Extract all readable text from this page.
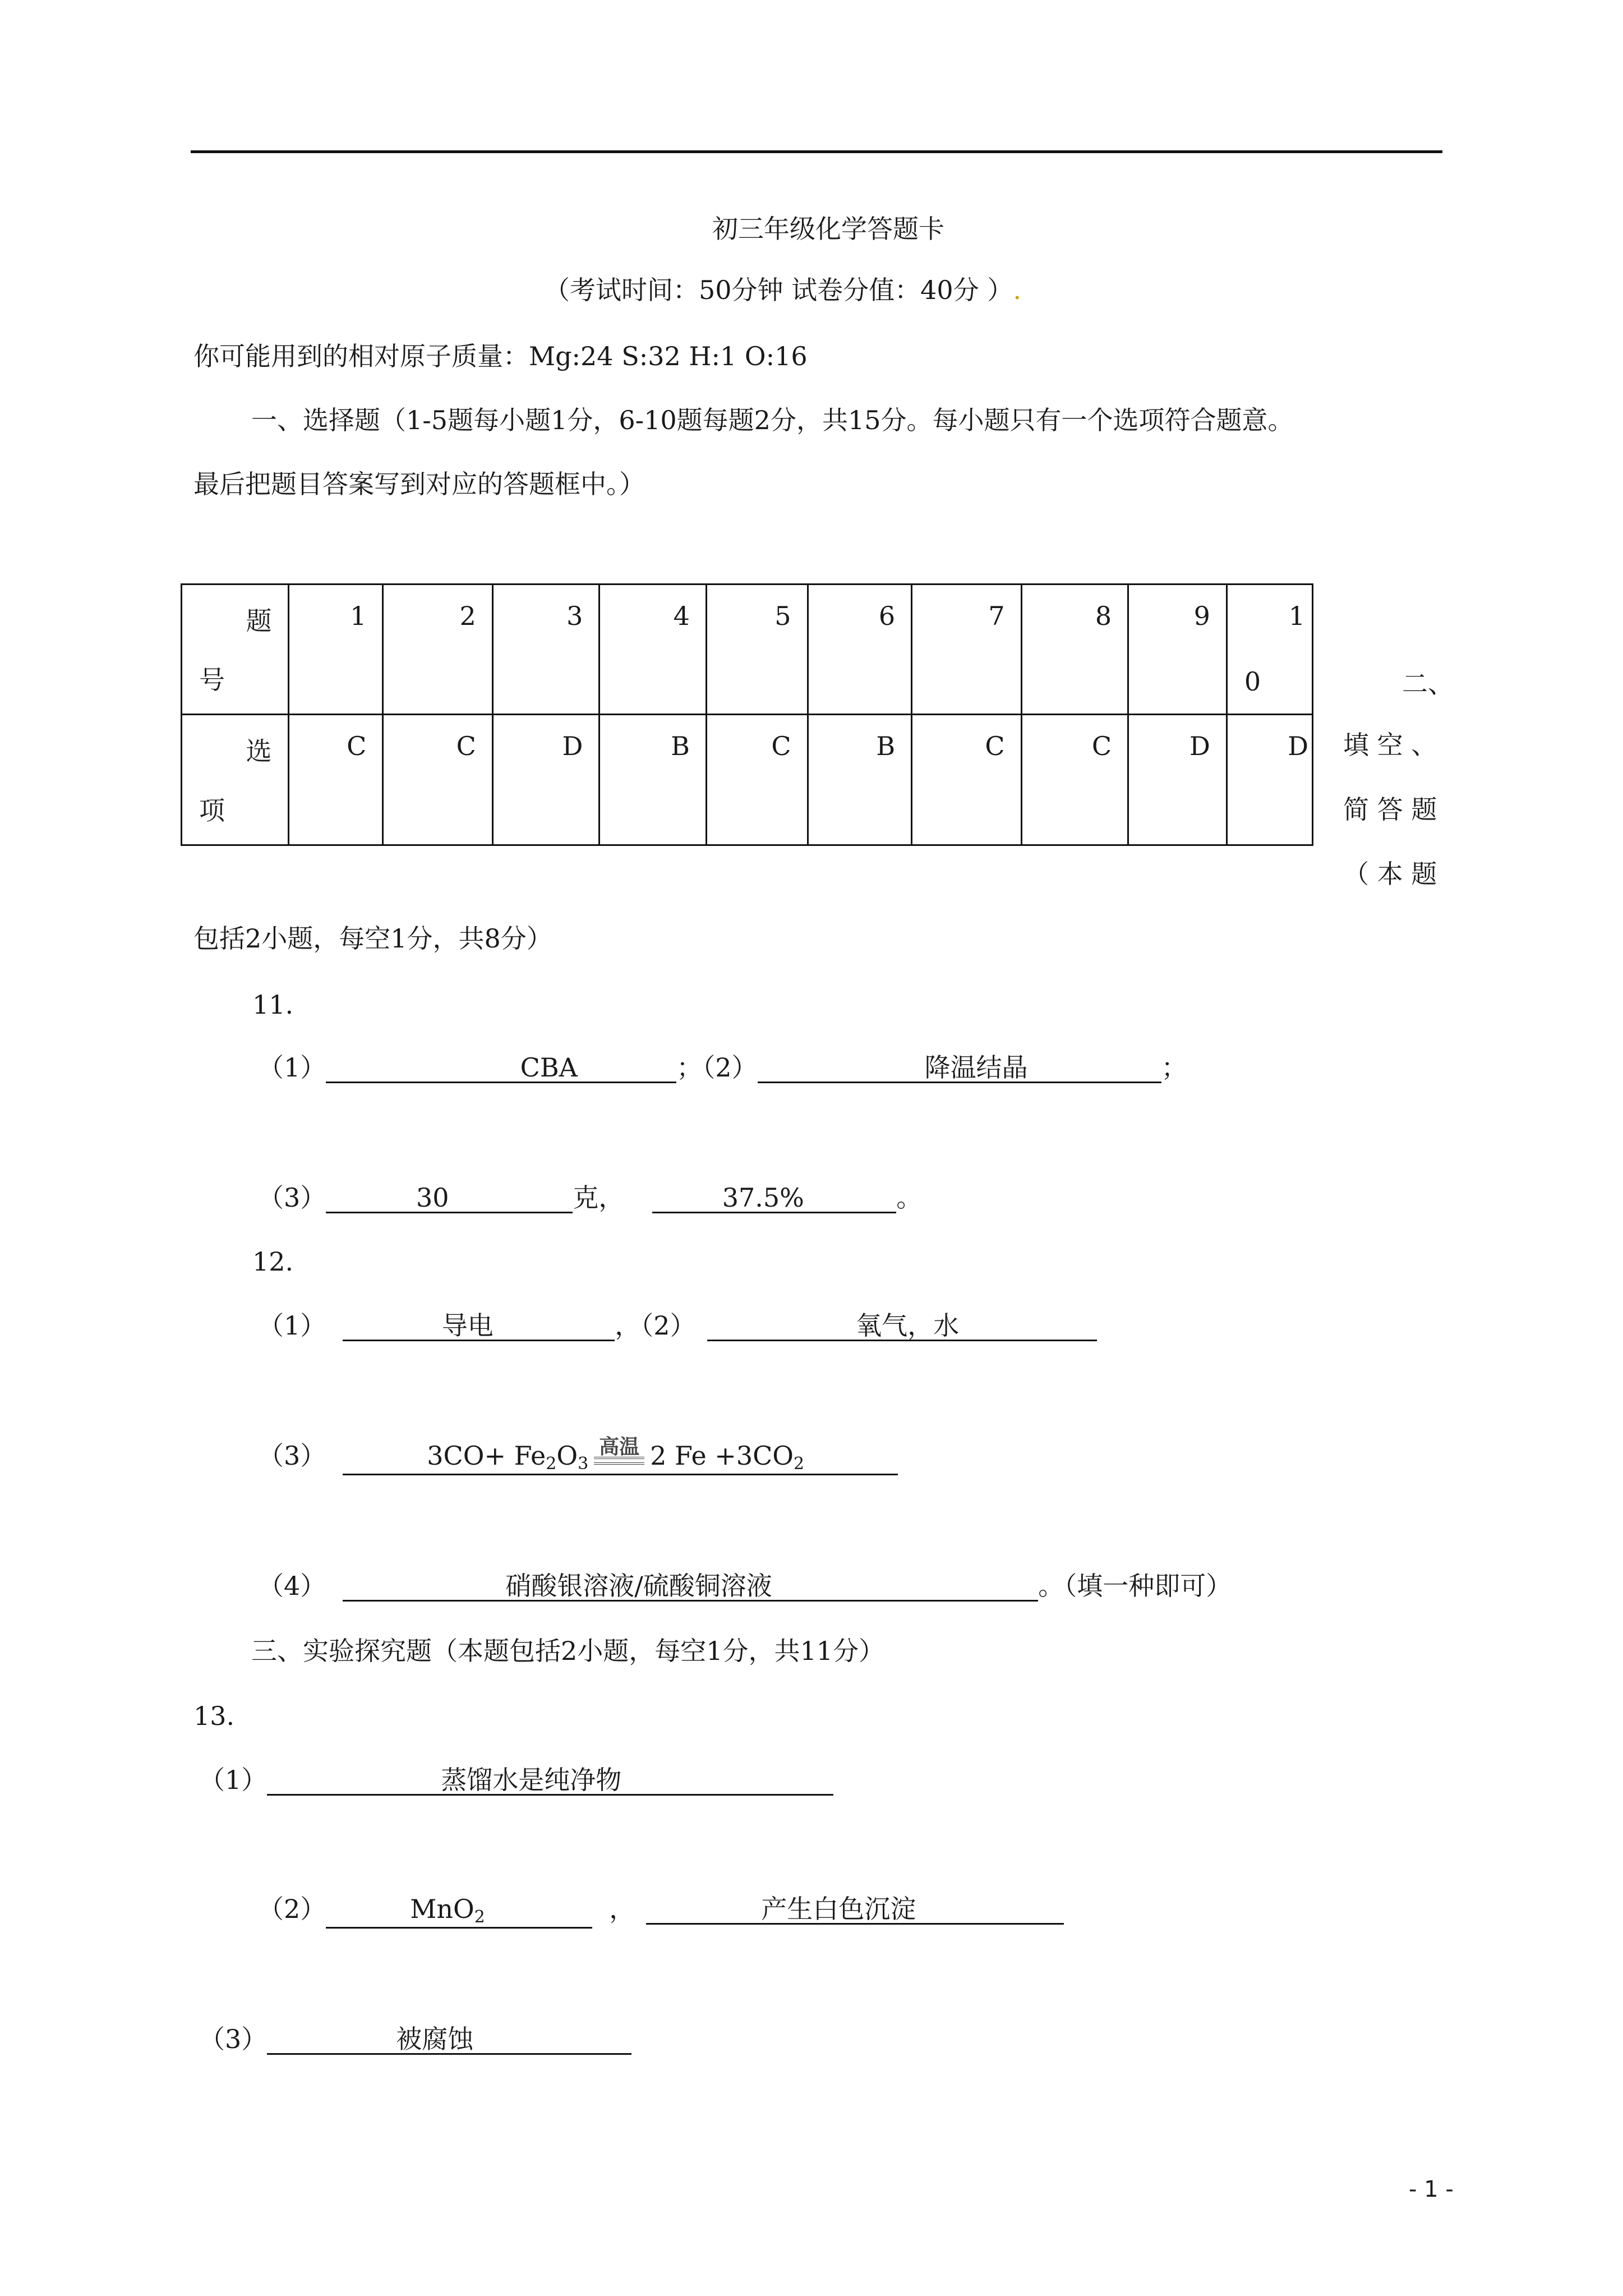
初三年级化学答题卡
（考试时间：50分钟 试卷分值：40分 ）.
你可能用到的相对原子质量：Mg:24 S:32 H:1 O:16
一、选择题（1-5题每小题1分，6-10题每题2分，共15分。每小题只有一个选项符合题意。
最后把题目答案写到对应的答题框中。）
题
号	1	2	3	4	5	6	7	8	9	1
0

选
项	C	C	D	B	C	B	C	C	D	D
二、
填 空 、
简 答 题
（ 本 题
包括2小题，每空1分，共8分）
11.
（1）	CBA	；（2）	降温结晶	；
（3）	30	克，	37.5%	。
12.
（1）	导电	，（2）	氧气，水
（3）	$3CO+ Fe_2O_3$
高温 2 $Fe +3CO_2$
（4）	硝酸银溶液/硫酸铜溶液	。（填一种即可）
三、实验探究题（本题包括2小题，每空1分，共11分）
13.
（1）	蒸馏水是纯净物
（2）	MnO$_2$	，	产生白色沉淀
（3）	被腐蚀
- 1 -
